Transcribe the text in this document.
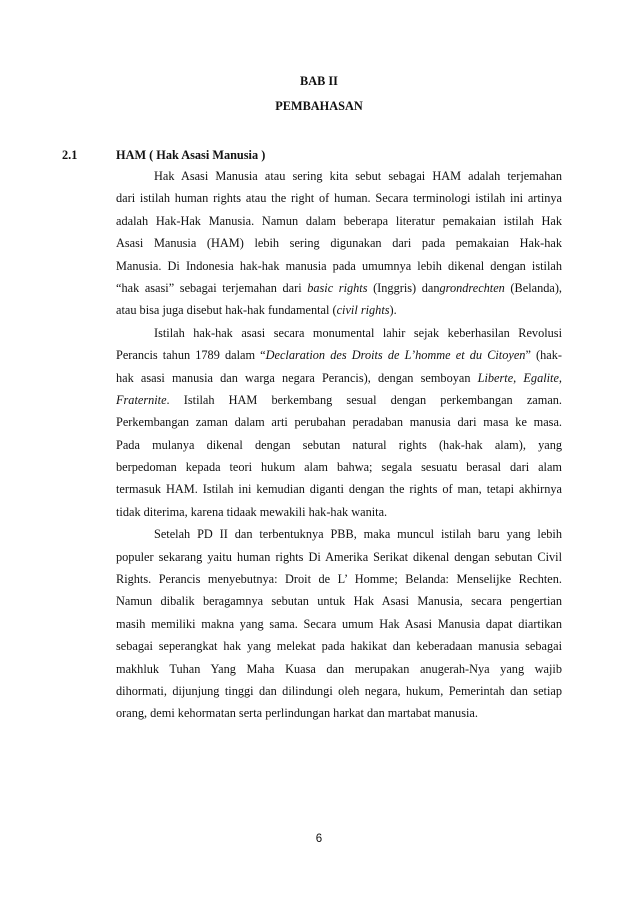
BAB II
PEMBAHASAN
2.1	HAM ( Hak Asasi Manusia )
Hak Asasi Manusia atau sering kita sebut sebagai HAM adalah terjemahan
dari istilah human rights atau the right of human. Secara terminologi istilah ini artinya
adalah Hak-Hak Manusia. Namun dalam beberapa literatur pemakaian istilah Hak
Asasi Manusia (HAM) lebih sering digunakan dari pada pemakaian Hak-hak
Manusia. Di Indonesia hak-hak manusia pada umumnya lebih dikenal dengan istilah
“hak asasi” sebagai terjemahan dari basic rights (Inggris) dangrondrechten (Belanda),
atau bisa juga disebut hak-hak fundamental (civil rights).
Istilah hak-hak asasi secara monumental lahir sejak keberhasilan Revolusi
Perancis tahun 1789 dalam “Declaration des Droits de L’homme et du Citoyen” (hak-
hak asasi manusia dan warga negara Perancis), dengan semboyan Liberte, Egalite,
Fraternite. Istilah HAM berkembang sesual dengan perkembangan zaman.
Perkembangan zaman dalam arti perubahan peradaban manusia dari masa ke masa.
Pada mulanya dikenal dengan sebutan natural rights (hak-hak alam), yang
berpedoman kepada teori hukum alam bahwa; segala sesuatu berasal dari alam
termasuk HAM. Istilah ini kemudian diganti dengan the rights of man, tetapi akhirnya
tidak diterima, karena tidaak mewakili hak-hak wanita.
Setelah PD II dan terbentuknya PBB, maka muncul istilah baru yang lebih
populer sekarang yaitu human rights Di Amerika Serikat dikenal dengan sebutan Civil
Rights. Perancis menyebutnya: Droit de L’ Homme; Belanda: Menselijke Rechten.
Namun dibalik beragamnya sebutan untuk Hak Asasi Manusia, secara pengertian
masih memiliki makna yang sama. Secara umum Hak Asasi Manusia dapat diartikan
sebagai seperangkat hak yang melekat pada hakikat dan keberadaan manusia sebagai
makhluk Tuhan Yang Maha Kuasa dan merupakan anugerah-Nya yang wajib
dihormati, dijunjung tinggi dan dilindungi oleh negara, hukum, Pemerintah dan setiap
orang, demi kehormatan serta perlindungan harkat dan martabat manusia.
6
